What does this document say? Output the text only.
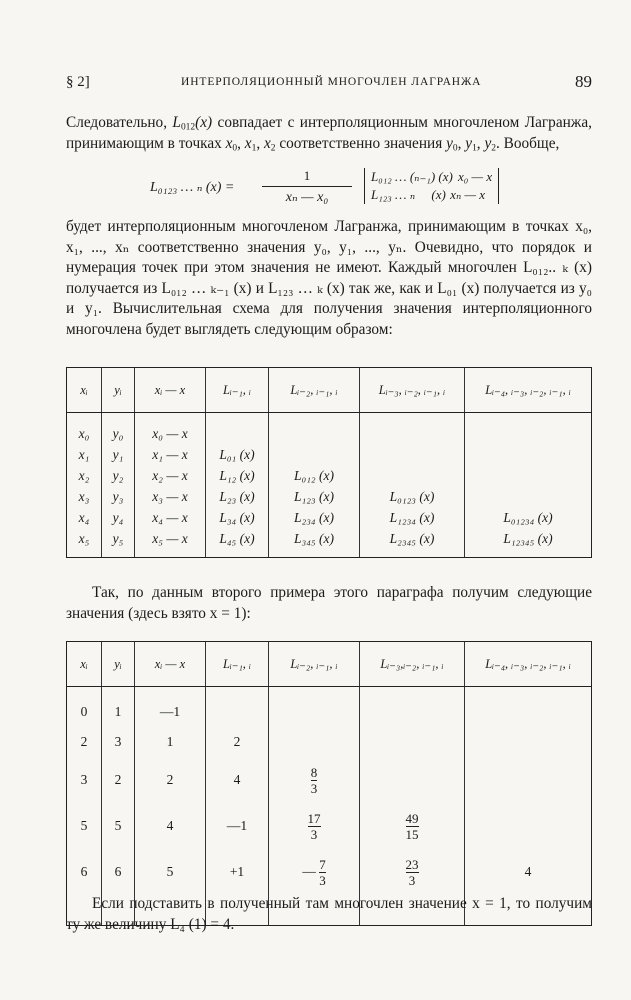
§ 2]	ИНТЕРПОЛЯЦИОННЫЙ МНОГОЧЛЕН ЛАГРАНЖА	89
Следовательно, $L_{012}(x)$ совпадает с интерполяционным многочленом Лагранжа, принимающим в точках $x_0$, $x_1$, $x_2$ соответственно значения $y_0$, $y_1$, $y_2$. Вообще,
L₀₁₂₃ … ₙ (x) =
1
xₙ — x₀
L₀₁₂ … (ₙ₋₁) (x) x₀ — x
L₁₂₃ … ₙ     (x) xₙ — x
будет интерполяционным многочленом Лагранжа, принимающим в точках x₀, x₁, ..., xₙ соответственно значения y₀, y₁, ..., yₙ. Очевидно, что порядок и нумерация точек при этом значения не имеют. Каждый многочлен L₀₁₂.. ₖ (x) получается из L₀₁₂ … ₖ₋₁ (x) и L₁₂₃ … ₖ (x) так же, как и L₀₁ (x) получается из y₀ и y₁. Вычислительная схема для получения значения интерполяционного многочлена будет выглядеть следующим образом:
xᵢ	yᵢ	xᵢ — x	Lᵢ₋₁, ᵢ	Lᵢ₋₂, ᵢ₋₁, ᵢ	Lᵢ₋₃, ᵢ₋₂, ᵢ₋₁, ᵢ	Lᵢ₋₄, ᵢ₋₃, ᵢ₋₂, ᵢ₋₁, ᵢ

x₀	y₀	x₀ — x				
x₁	y₁	x₁ — x	L₀₁ (x)			
x₂	y₂	x₂ — x	L₁₂ (x)	L₀₁₂ (x)		
x₃	y₃	x₃ — x	L₂₃ (x)	L₁₂₃ (x)	L₀₁₂₃ (x)	
x₄	y₄	x₄ — x	L₃₄ (x)	L₂₃₄ (x)	L₁₂₃₄ (x)	L₀₁₂₃₄ (x)
x₅	y₅	x₅ — x	L₄₅ (x)	L₃₄₅ (x)	L₂₃₄₅ (x)	L₁₂₃₄₅ (x)

Так, по данным второго примера этого параграфа получим следующие значения (здесь взято x = 1):
xᵢ	yᵢ	xᵢ — x	Lᵢ₋₁, ᵢ	Lᵢ₋₂, ᵢ₋₁, ᵢ	Lᵢ₋₃,ᵢ₋₂, ᵢ₋₁, ᵢ	Lᵢ₋₄, ᵢ₋₃, ᵢ₋₂, ᵢ₋₁, ᵢ

0	1	—1				
2	3	1	2			
3	2	2	4	$\frac{8}{3}$

5	5	4	—1	$\frac{17}{3}$	$\frac{49}{15}$

6	6	5	+1	— $\frac{7}{3}$	$\frac{23}{3}$	4

Если подставить в полученный там многочлен значение x = 1, то получим ту же величину L₄ (1) = 4.
